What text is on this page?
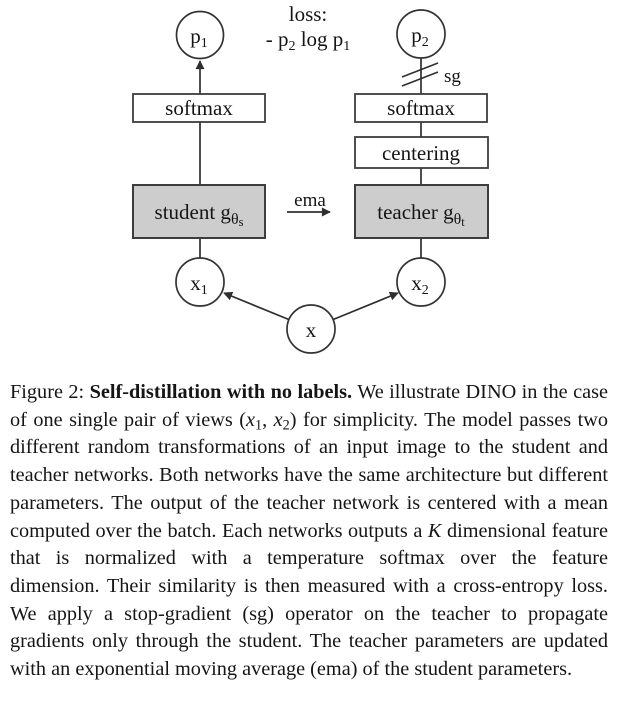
sg
ema
loss:
- p2 log p1
softmax	softmax
centering
student $g_\theta s$	teacher $g_\theta t$
p1	p2
x1	x2
x

Figure 2: Self-distillation with no labels. We illustrate DINO in the case of one single pair of views ($x_1$, $x_2$) for simplicity. The model passes two different random transformations of an input image to the student and teacher networks. Both networks have the same architecture but different parameters. The output of the teacher network is centered with a mean computed over the batch. Each networks outputs a K dimensional feature that is normalized with a temperature softmax over the feature dimension. Their similarity is then measured with a cross-entropy loss. We apply a stop-gradient (sg) operator on the teacher to propagate gradients only through the student. The teacher parameters are updated with an exponential moving average (ema) of the student parameters.
